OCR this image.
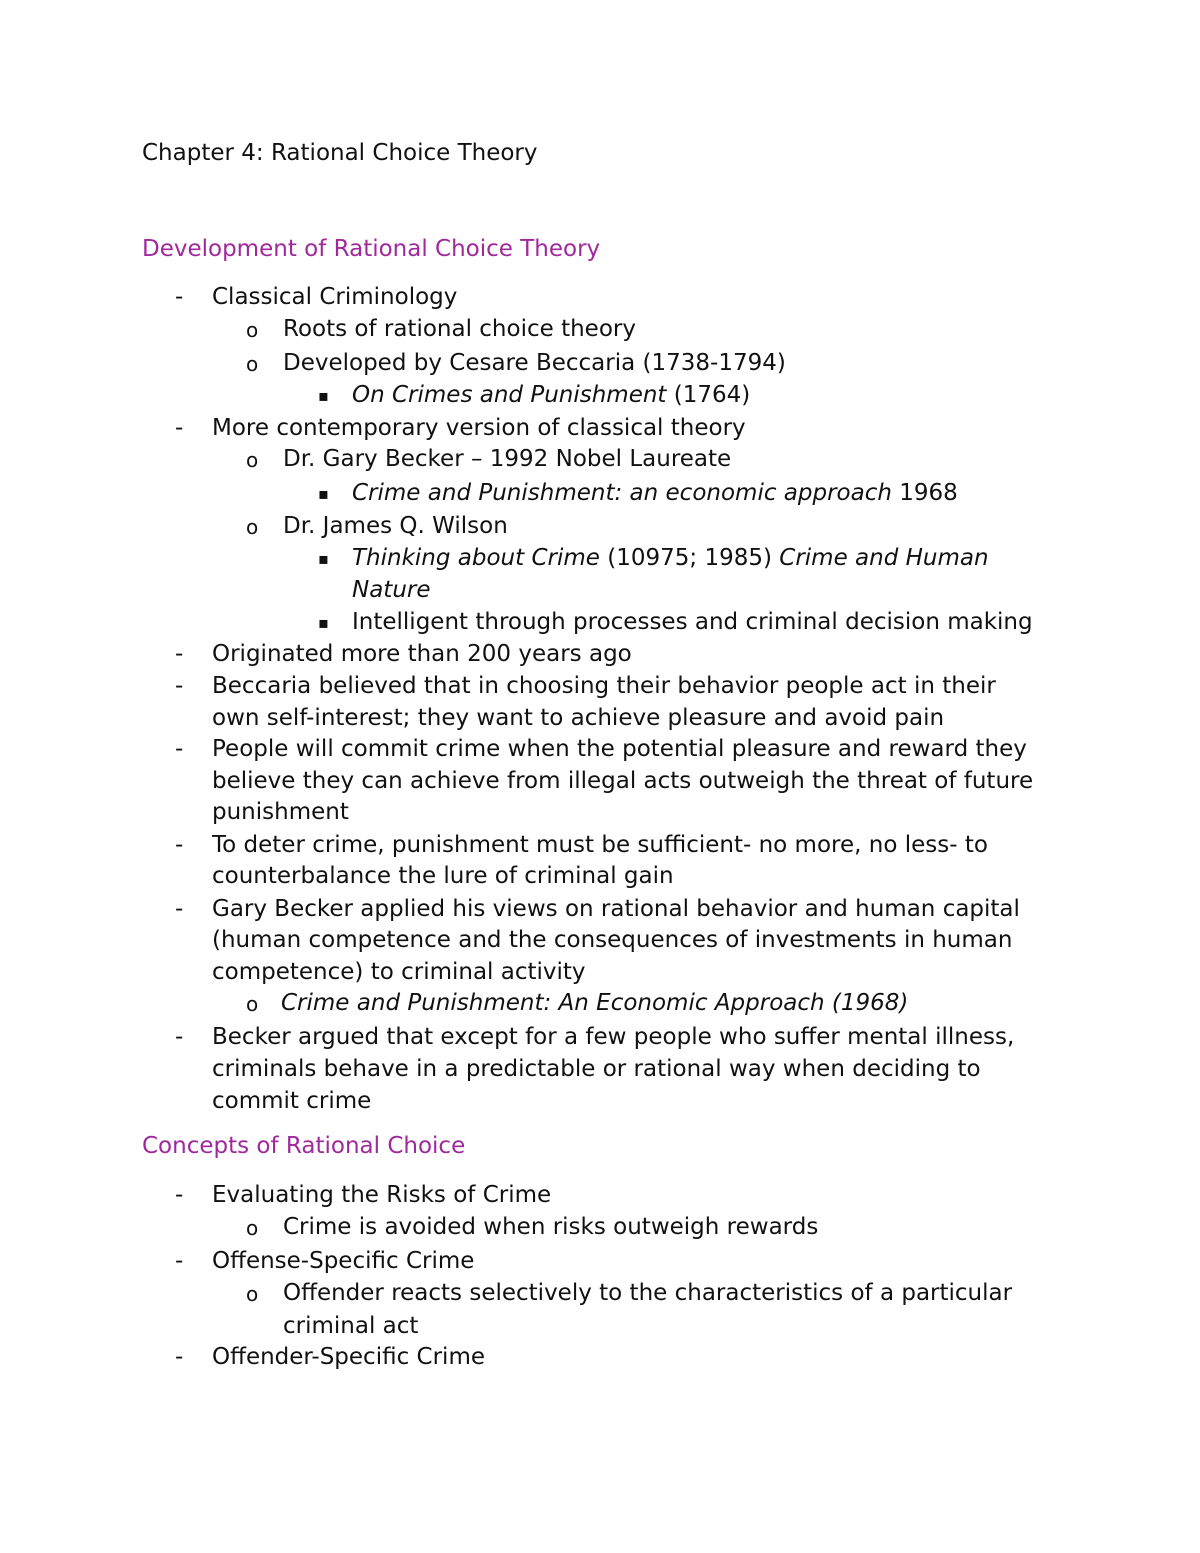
Chapter 4: Rational Choice Theory
Development of Rational Choice Theory
- Classical Criminology
o Roots of rational choice theory
o Developed by Cesare Beccaria (1738-1794)
▪ On Crimes and Punishment (1764)
- More contemporary version of classical theory
o Dr. Gary Becker – 1992 Nobel Laureate
▪ Crime and Punishment: an economic approach 1968
o Dr. James Q. Wilson
▪ Thinking about Crime (10975; 1985) Crime and Human
Nature
▪ Intelligent through processes and criminal decision making
- Originated more than 200 years ago
- Beccaria believed that in choosing their behavior people act in their
own self-interest; they want to achieve pleasure and avoid pain
- People will commit crime when the potential pleasure and reward they
believe they can achieve from illegal acts outweigh the threat of future
punishment
- To deter crime, punishment must be sufficient- no more, no less- to
counterbalance the lure of criminal gain
- Gary Becker applied his views on rational behavior and human capital
(human competence and the consequences of investments in human
competence) to criminal activity
o Crime and Punishment: An Economic Approach (1968)
- Becker argued that except for a few people who suffer mental illness,
criminals behave in a predictable or rational way when deciding to
commit crime
Concepts of Rational Choice
- Evaluating the Risks of Crime
o Crime is avoided when risks outweigh rewards
- Offense-Specific Crime
o Offender reacts selectively to the characteristics of a particular
criminal act
- Offender-Specific Crime
